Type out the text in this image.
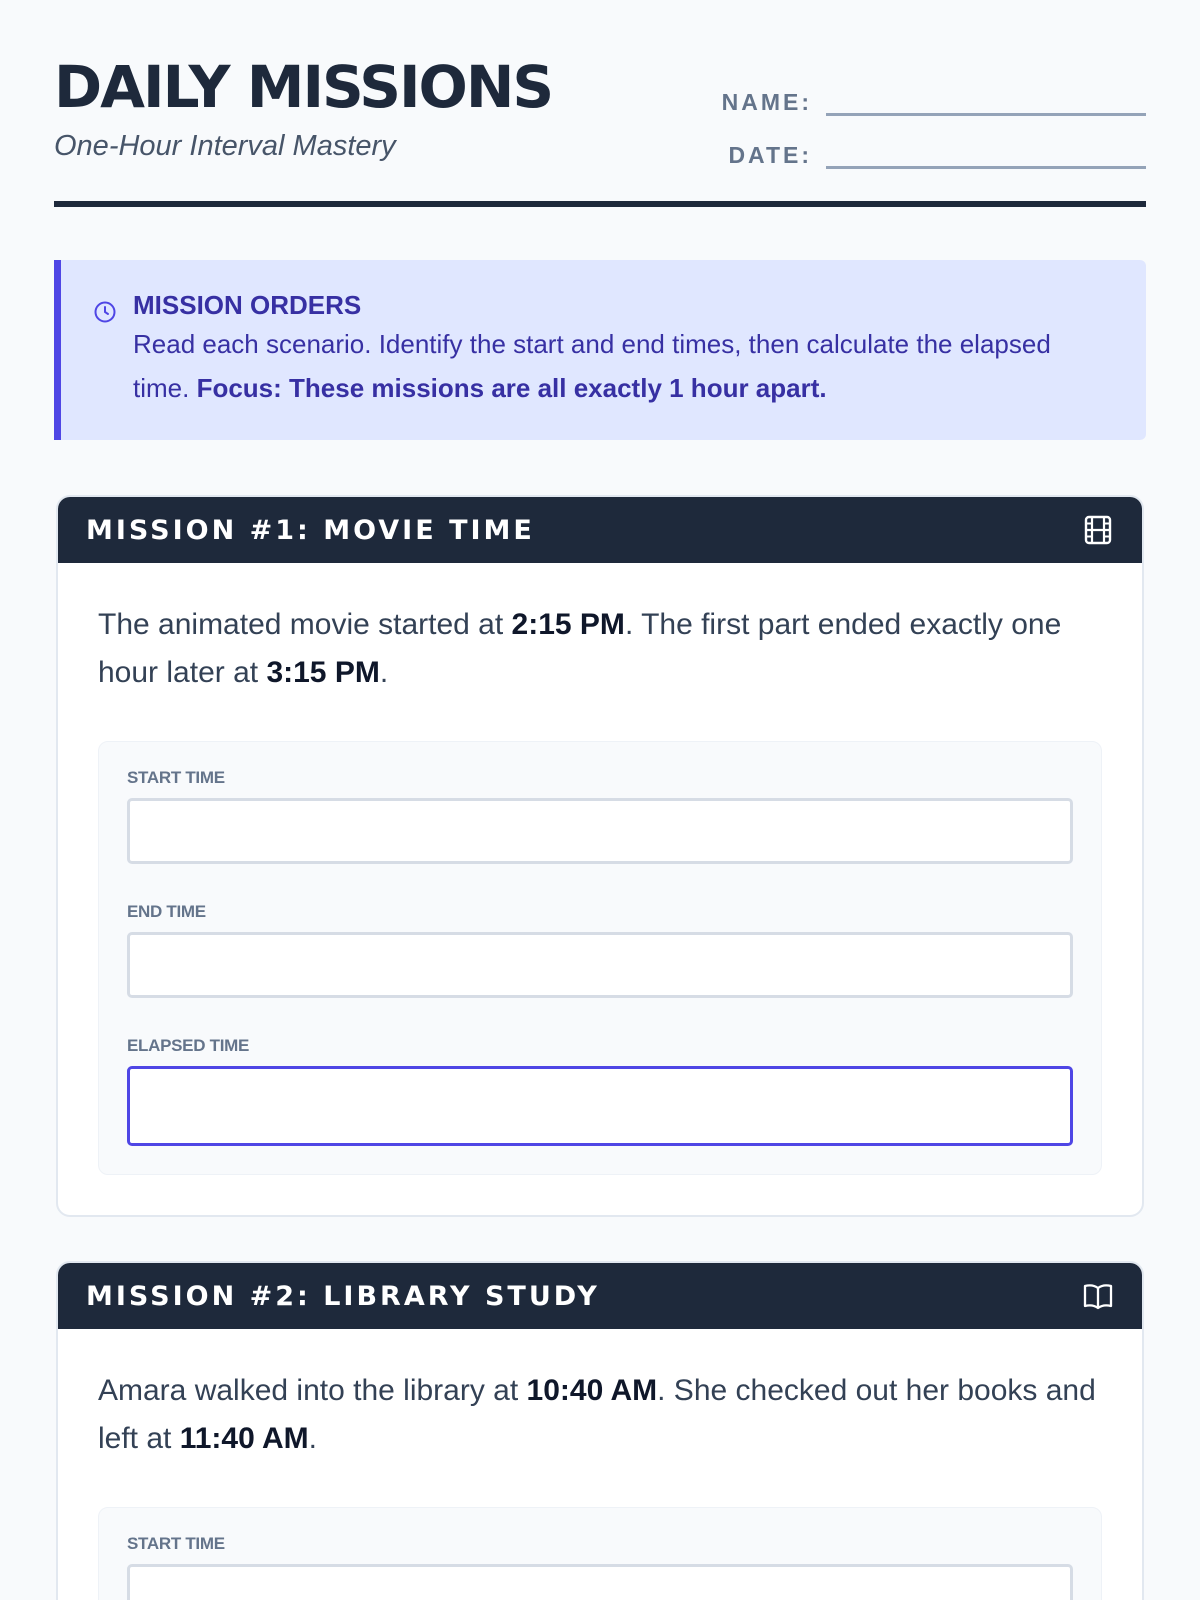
DAILY MISSIONS
One-Hour Interval Mastery
NAME:
DATE:
MISSION ORDERS
Read each scenario. Identify the start and end times, then calculate the elapsed time. Focus: These missions are all exactly 1 hour apart.
MISSION #1: MOVIE TIME

The animated movie started at 2:15 PM. The first part ended exactly one hour later at 3:15 PM.

START TIME
END TIME
ELAPSED TIME
MISSION #2: LIBRARY STUDY

Amara walked into the library at 10:40 AM. She checked out her books and left at 11:40 AM.

START TIME
